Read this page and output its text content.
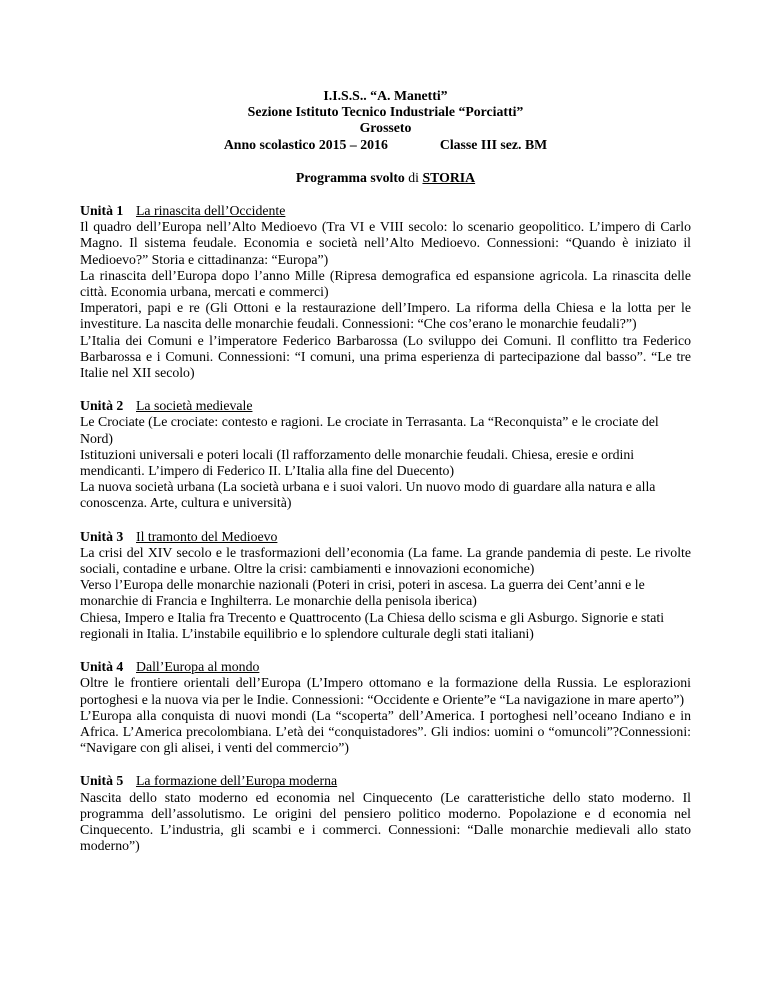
I.I.S.S.. “A. Manetti”
Sezione Istituto Tecnico Industriale “Porciatti”
Grosseto
Anno scolastico 2015 – 2016	Classe III sez. BM
Programma svolto di STORIA
Unità 1 La rinascita dell’Occidente
Il quadro dell’Europa nell’Alto Medioevo (Tra VI e VIII secolo: lo scenario geopolitico. L’impero di Carlo Magno. Il sistema feudale. Economia e società nell’Alto Medioevo. Connessioni: “Quando è iniziato il Medioevo?” Storia e cittadinanza: “Europa”)
La rinascita dell’Europa dopo l’anno Mille (Ripresa demografica ed espansione agricola. La rinascita delle città. Economia urbana, mercati e commerci)
Imperatori, papi e re (Gli Ottoni e la restaurazione dell’Impero. La riforma della Chiesa e la lotta per le investiture. La nascita delle monarchie feudali. Connessioni: “Che cos’erano le monarchie feudali?”)
L’Italia dei Comuni e l’imperatore Federico Barbarossa (Lo sviluppo dei Comuni. Il conflitto tra Federico Barbarossa e i Comuni. Connessioni: “I comuni, una prima esperienza di partecipazione dal basso”. “Le tre Italie nel XII secolo)
Unità 2 La società medievale
Le Crociate (Le crociate: contesto e ragioni. Le crociate in Terrasanta. La “Reconquista” e le crociate del Nord)
Istituzioni universali e poteri locali (Il rafforzamento delle monarchie feudali. Chiesa, eresie e ordini mendicanti. L’impero di Federico II. L’Italia alla fine del Duecento)
La nuova società urbana (La società urbana e i suoi valori. Un nuovo modo di guardare alla natura e alla conoscenza. Arte, cultura e università)
Unità 3 Il tramonto del Medioevo
La crisi del XIV secolo e le trasformazioni dell’economia (La fame. La grande pandemia di peste. Le rivolte sociali, contadine e urbane. Oltre la crisi: cambiamenti e innovazioni economiche)
Verso l’Europa delle monarchie nazionali (Poteri in crisi, poteri in ascesa. La guerra dei Cent’anni e le monarchie di Francia e Inghilterra. Le monarchie della penisola iberica)
Chiesa, Impero e Italia fra Trecento e Quattrocento (La Chiesa dello scisma e gli Asburgo. Signorie e stati regionali in Italia. L’instabile equilibrio e lo splendore culturale degli stati italiani)
Unità 4 Dall’Europa al mondo
Oltre le frontiere orientali dell’Europa (L’Impero ottomano e la formazione della Russia. Le esplorazioni portoghesi e la nuova via per le Indie. Connessioni: “Occidente e Oriente”e “La navigazione in mare aperto”)
L’Europa alla conquista di nuovi mondi (La “scoperta” dell’America. I portoghesi nell’oceano Indiano e in Africa. L’America precolombiana. L’età dei “conquistadores”. Gli indios: uomini o “omuncoli”?Connessioni: “Navigare con gli alisei, i venti del commercio”)
Unità 5 La formazione dell’Europa moderna
Nascita dello stato moderno ed economia nel Cinquecento (Le caratteristiche dello stato moderno. Il programma dell’assolutismo. Le origini del pensiero politico moderno. Popolazione e d economia nel Cinquecento. L’industria, gli scambi e i commerci. Connessioni: “Dalle monarchie medievali allo stato moderno”)
